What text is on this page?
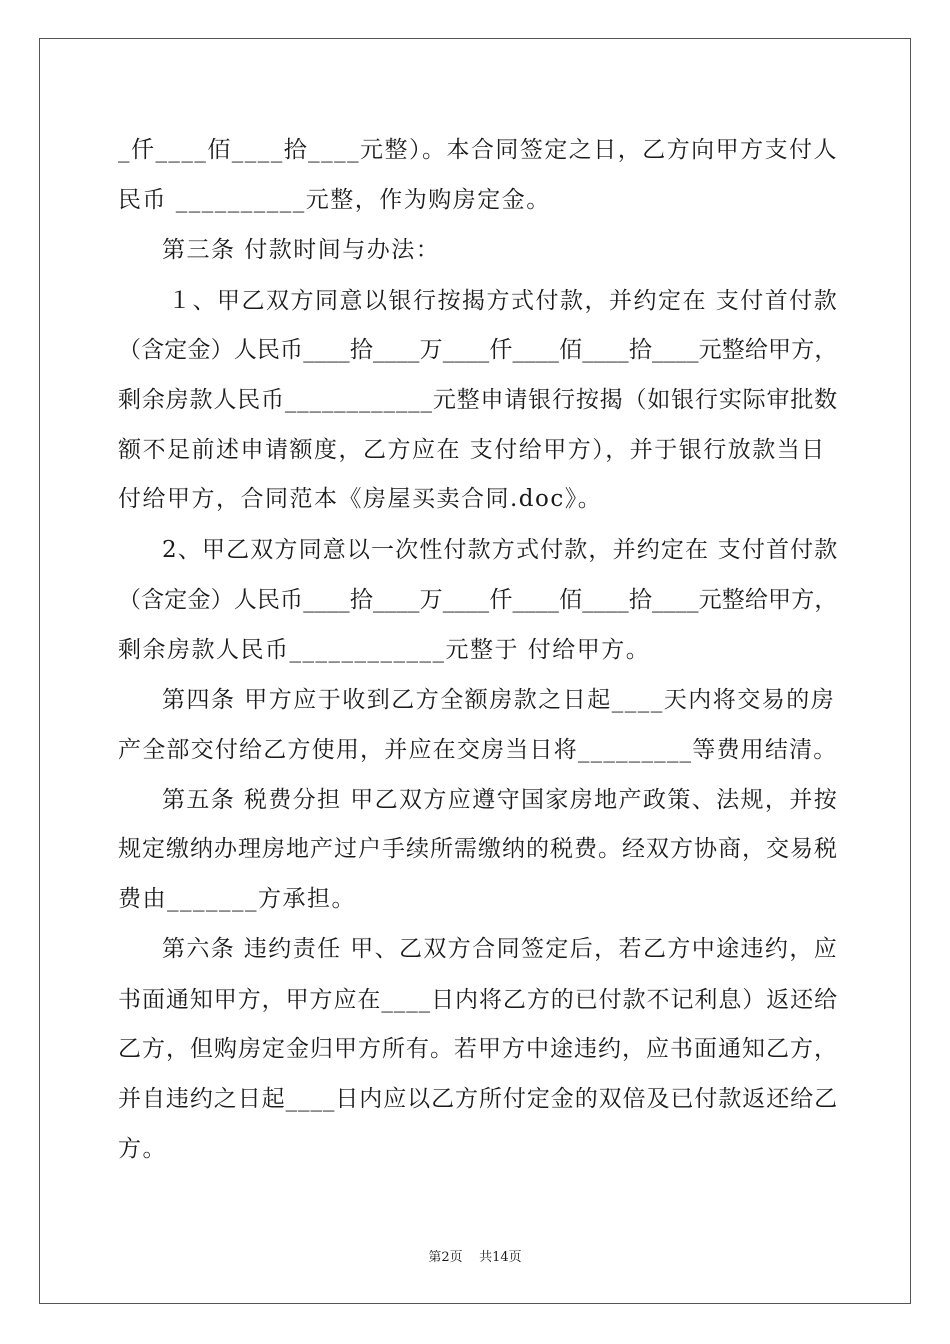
_仟____佰____拾____元整）。本合同签定之日，乙方向甲方支付人
民币 __________元整，作为购房定金。
第三条 付款时间与办法：
１、甲乙双方同意以银行按揭方式付款，并约定在 支付首付款
（含定金）人民币____拾____万____仟____佰____拾____元整给甲方，
剩余房款人民币____________元整申请银行按揭（如银行实际审批数
额不足前述申请额度，乙方应在 支付给甲方），并于银行放款当日
付给甲方，合同范本《房屋买卖合同.doc》。
2、甲乙双方同意以一次性付款方式付款，并约定在 支付首付款
（含定金）人民币____拾____万____仟____佰____拾____元整给甲方，
剩余房款人民币____________元整于 付给甲方。
第四条 甲方应于收到乙方全额房款之日起____天内将交易的房
产全部交付给乙方使用，并应在交房当日将_________等费用结清。
第五条 税费分担 甲乙双方应遵守国家房地产政策、法规，并按
规定缴纳办理房地产过户手续所需缴纳的税费。经双方协商，交易税
费由_______方承担。
第六条 违约责任 甲、乙双方合同签定后，若乙方中途违约，应
书面通知甲方，甲方应在____日内将乙方的已付款不记利息）返还给
乙方，但购房定金归甲方所有。若甲方中途违约，应书面通知乙方，
并自违约之日起____日内应以乙方所付定金的双倍及已付款返还给乙
方。
第2页    共14页
